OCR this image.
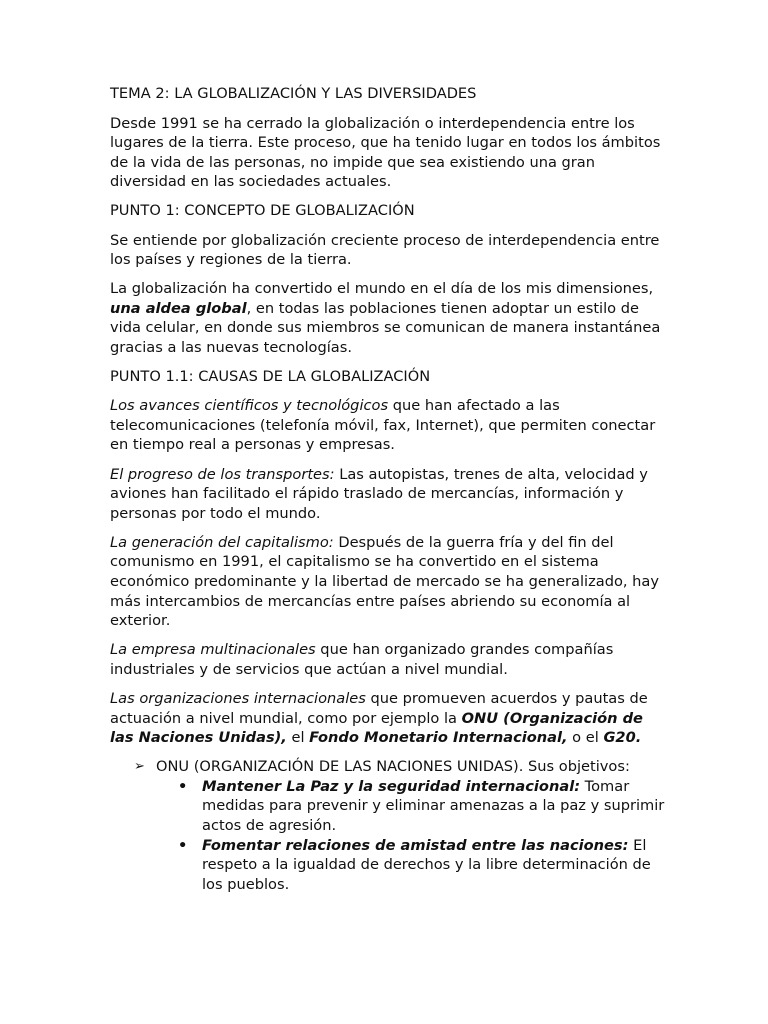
TEMA 2: LA GLOBALIZACIÓN Y LAS DIVERSIDADES

Desde 1991 se ha cerrado la globalización o interdependencia entre los lugares de la tierra. Este proceso, que ha tenido lugar en todos los ámbitos de la vida de las personas, no impide que sea existiendo una gran diversidad en las sociedades actuales.

PUNTO 1: CONCEPTO DE GLOBALIZACIÓN

Se entiende por globalización creciente proceso de interdependencia entre los países y regiones de la tierra.

La globalización ha convertido el mundo en el día de los mis dimensiones, una aldea global, en todas las poblaciones tienen adoptar un estilo de vida celular, en donde sus miembros se comunican de manera instantánea gracias a las nuevas tecnologías.

PUNTO 1.1: CAUSAS DE LA GLOBALIZACIÓN

Los avances científicos y tecnológicos que han afectado a las telecomunicaciones (telefonía móvil, fax, Internet), que permiten conectar en tiempo real a personas y empresas.

El progreso de los transportes: Las autopistas, trenes de alta, velocidad y aviones han facilitado el rápido traslado de mercancías, información y personas por todo el mundo.

La generación del capitalismo: Después de la guerra fría y del fin del comunismo en 1991, el capitalismo se ha convertido en el sistema económico predominante y la libertad de mercado se ha generalizado, hay más intercambios de mercancías entre países abriendo su economía al exterior.

La empresa multinacionales que han organizado grandes compañías industriales y de servicios que actúan a nivel mundial.

Las organizaciones internacionales que promueven acuerdos y pautas de actuación a nivel mundial, como por ejemplo la ONU (Organización de las Naciones Unidas), el Fondo Monetario Internacional, o el G20.

➢ ONU (ORGANIZACIÓN DE LAS NACIONES UNIDAS). Sus objetivos:
• Mantener La Paz y la seguridad internacional: Tomar medidas para prevenir y eliminar amenazas a la paz y suprimir actos de agresión.
• Fomentar relaciones de amistad entre las naciones: El respeto a la igualdad de derechos y la libre determinación de los pueblos.
